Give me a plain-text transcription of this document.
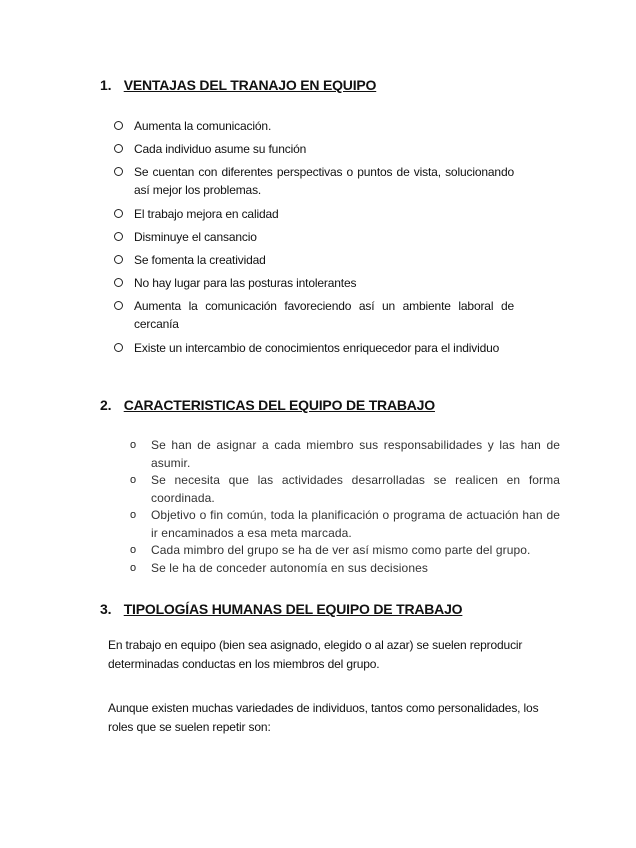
1. VENTAJAS DEL TRANAJO EN EQUIPO
Aumenta la comunicación.
Cada individuo asume su función
Se cuentan con diferentes perspectivas o puntos de vista, solucionando así mejor los problemas.
El trabajo mejora en calidad
Disminuye el cansancio
Se fomenta la creatividad
No hay lugar para las posturas intolerantes
Aumenta la comunicación favoreciendo así un ambiente laboral de cercanía
Existe un intercambio de conocimientos enriquecedor para el individuo
2. CARACTERISTICAS DEL EQUIPO DE TRABAJO
o Se han de asignar a cada miembro sus responsabilidades y las han de asumir.
o Se necesita que las actividades desarrolladas se realicen en forma coordinada.
o Objetivo o fin común, toda la planificación o programa de actuación han de ir encaminados a esa meta marcada.
o Cada mimbro del grupo se ha de ver así mismo como parte del grupo.
o Se le ha de conceder autonomía en sus decisiones
3. TIPOLOGÍAS HUMANAS DEL EQUIPO DE TRABAJO

En trabajo en equipo (bien sea asignado, elegido o al azar) se suelen reproducir determinadas conductas en los miembros del grupo.

Aunque existen muchas variedades de individuos, tantos como personalidades, los roles que se suelen repetir son:
